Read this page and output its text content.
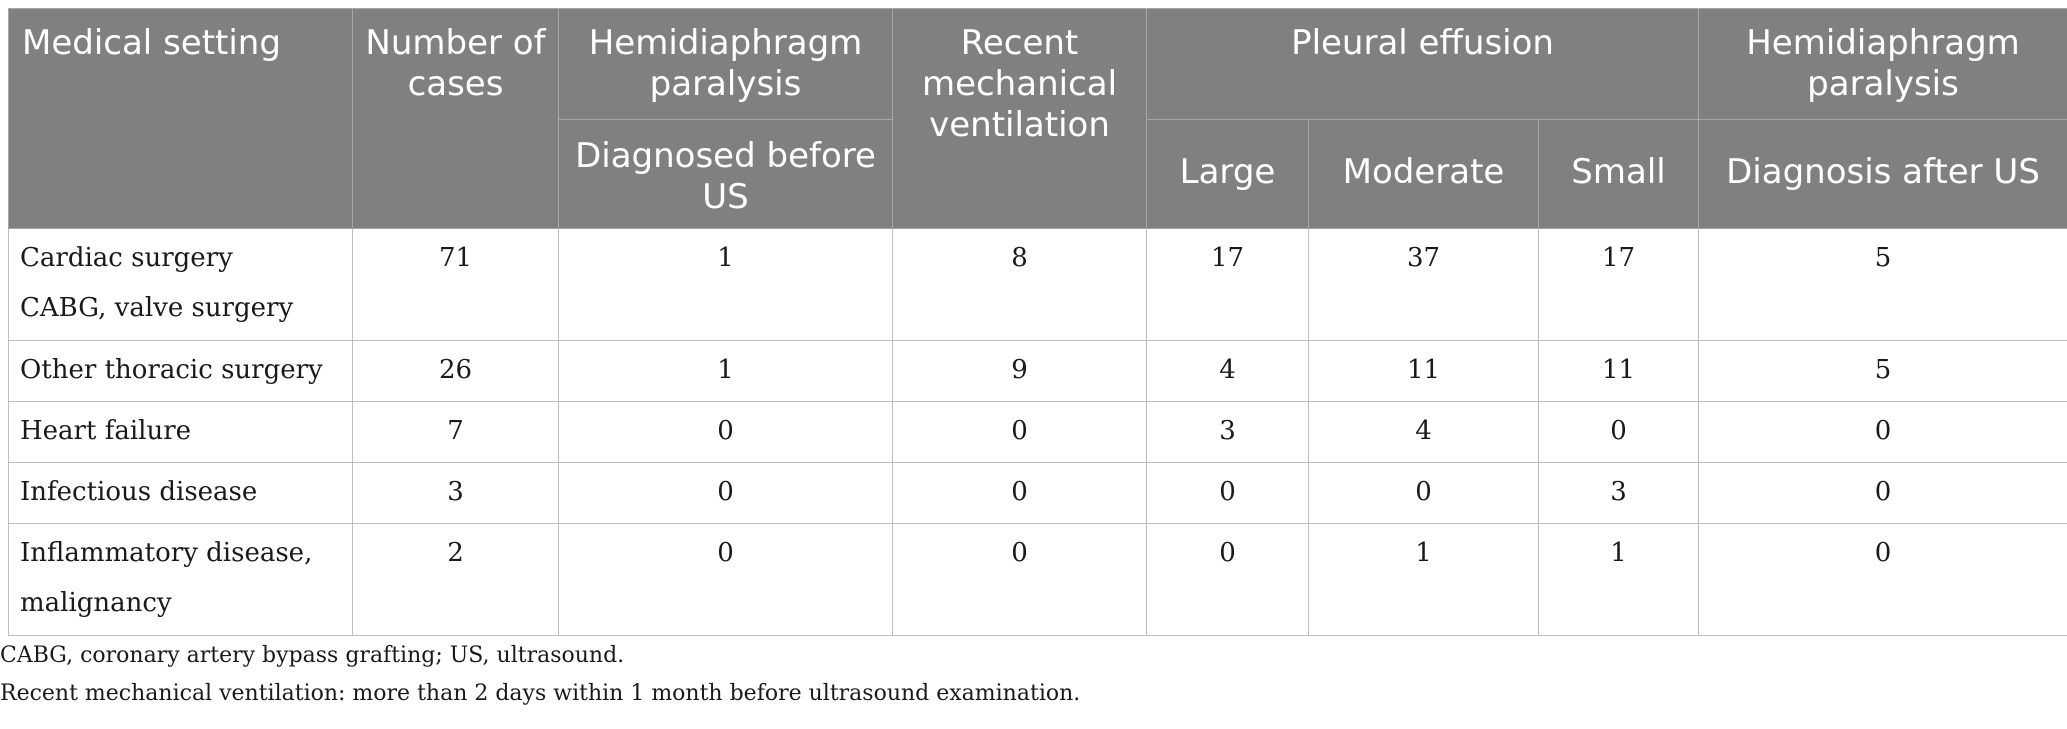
Medical setting	Number of cases	Hemidiaphragm paralysis	Recent mechanical ventilation	Pleural effusion			Hemidiaphragm paralysis
		Diagnosed before US		Large	Moderate	Small	Diagnosis after US

Cardiac surgery
CABG, valve surgery	71	1	8	17	37	17	5
Other thoracic surgery	26	1	9	4	11	11	5
Heart failure	7	0	0	3	4	0	0
Infectious disease	3	0	0	0	0	3	0

Inflammatory disease,
malignancy	2	0	0	0	1	1	0
CABG, coronary artery bypass grafting; US, ultrasound.
Recent mechanical ventilation: more than 2 days within 1 month before ultrasound examination.
